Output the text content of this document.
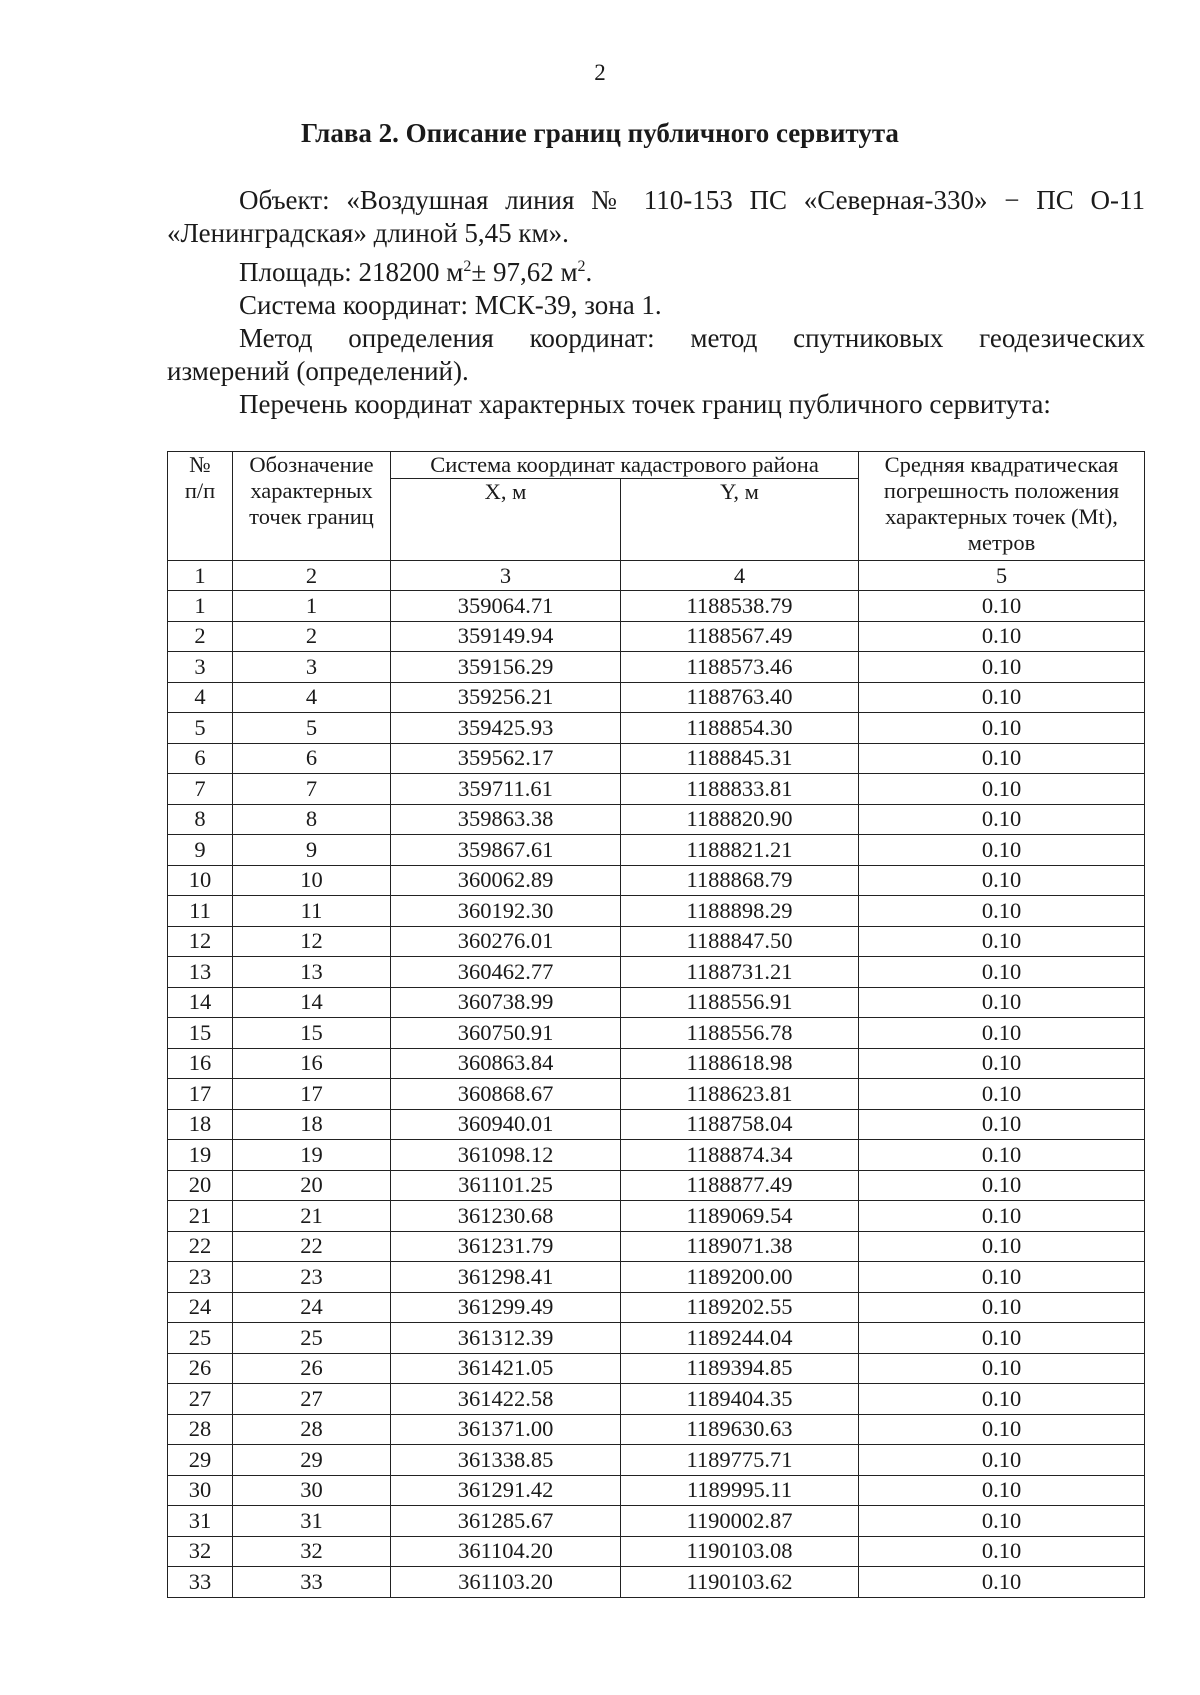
2
Глава 2. Описание границ публичного сервитута

Объект: «Воздушная линия № 110-153 ПС «Северная-330» − ПС О-11

«Ленинградская» длиной 5,45 км».

Площадь: 218200 $м^2\pm 97,62$ $м^2$.

Система координат: МСК-39, зона 1.

Метод определения координат: метод спутниковых геодезических

измерений (определений).

Перечень координат характерных точек границ публичного сервитута:

№ п/п	Обозначение характерных точек границ	Система координат кадастрового района		Средняя квадратическая погрешность положения характерных точек (Mt), метров
		X, м	Y, м	
1	2	3	4	5
1	1	359064.71	1188538.79	0.10
2	2	359149.94	1188567.49	0.10
3	3	359156.29	1188573.46	0.10
4	4	359256.21	1188763.40	0.10
5	5	359425.93	1188854.30	0.10
6	6	359562.17	1188845.31	0.10
7	7	359711.61	1188833.81	0.10
8	8	359863.38	1188820.90	0.10
9	9	359867.61	1188821.21	0.10
10	10	360062.89	1188868.79	0.10
11	11	360192.30	1188898.29	0.10
12	12	360276.01	1188847.50	0.10
13	13	360462.77	1188731.21	0.10
14	14	360738.99	1188556.91	0.10
15	15	360750.91	1188556.78	0.10
16	16	360863.84	1188618.98	0.10
17	17	360868.67	1188623.81	0.10
18	18	360940.01	1188758.04	0.10
19	19	361098.12	1188874.34	0.10
20	20	361101.25	1188877.49	0.10
21	21	361230.68	1189069.54	0.10
22	22	361231.79	1189071.38	0.10
23	23	361298.41	1189200.00	0.10
24	24	361299.49	1189202.55	0.10
25	25	361312.39	1189244.04	0.10
26	26	361421.05	1189394.85	0.10
27	27	361422.58	1189404.35	0.10
28	28	361371.00	1189630.63	0.10
29	29	361338.85	1189775.71	0.10
30	30	361291.42	1189995.11	0.10
31	31	361285.67	1190002.87	0.10
32	32	361104.20	1190103.08	0.10
33	33	361103.20	1190103.62	0.10
